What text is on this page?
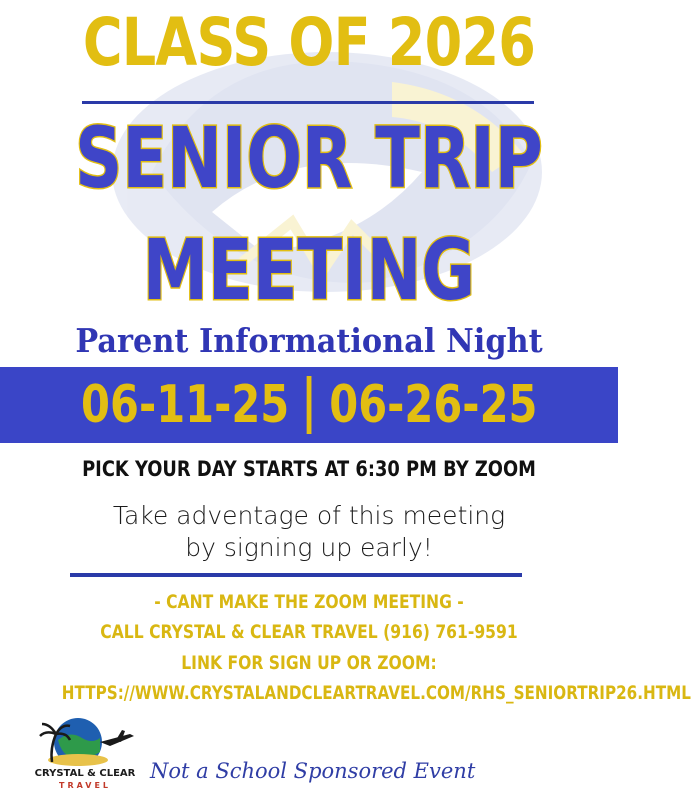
CLASS OF 2026
SENIOR TRIP
MEETING
Parent Informational Night
06-11-25 06-26-25
PICK YOUR DAY STARTS AT 6:30 PM BY ZOOM
Take adventage of this meeting
by signing up early!
- CANT MAKE THE ZOOM MEETING -
CALL CRYSTAL & CLEAR TRAVEL (916) 761-9591
LINK FOR SIGN UP OR ZOOM:
HTTPS://WWW.CRYSTALANDCLEARTRAVEL.COM/RHS_SENIORTRIP26.HTML
CRYSTAL & CLEAR
TRAVEL
Not a School Sponsored Event
